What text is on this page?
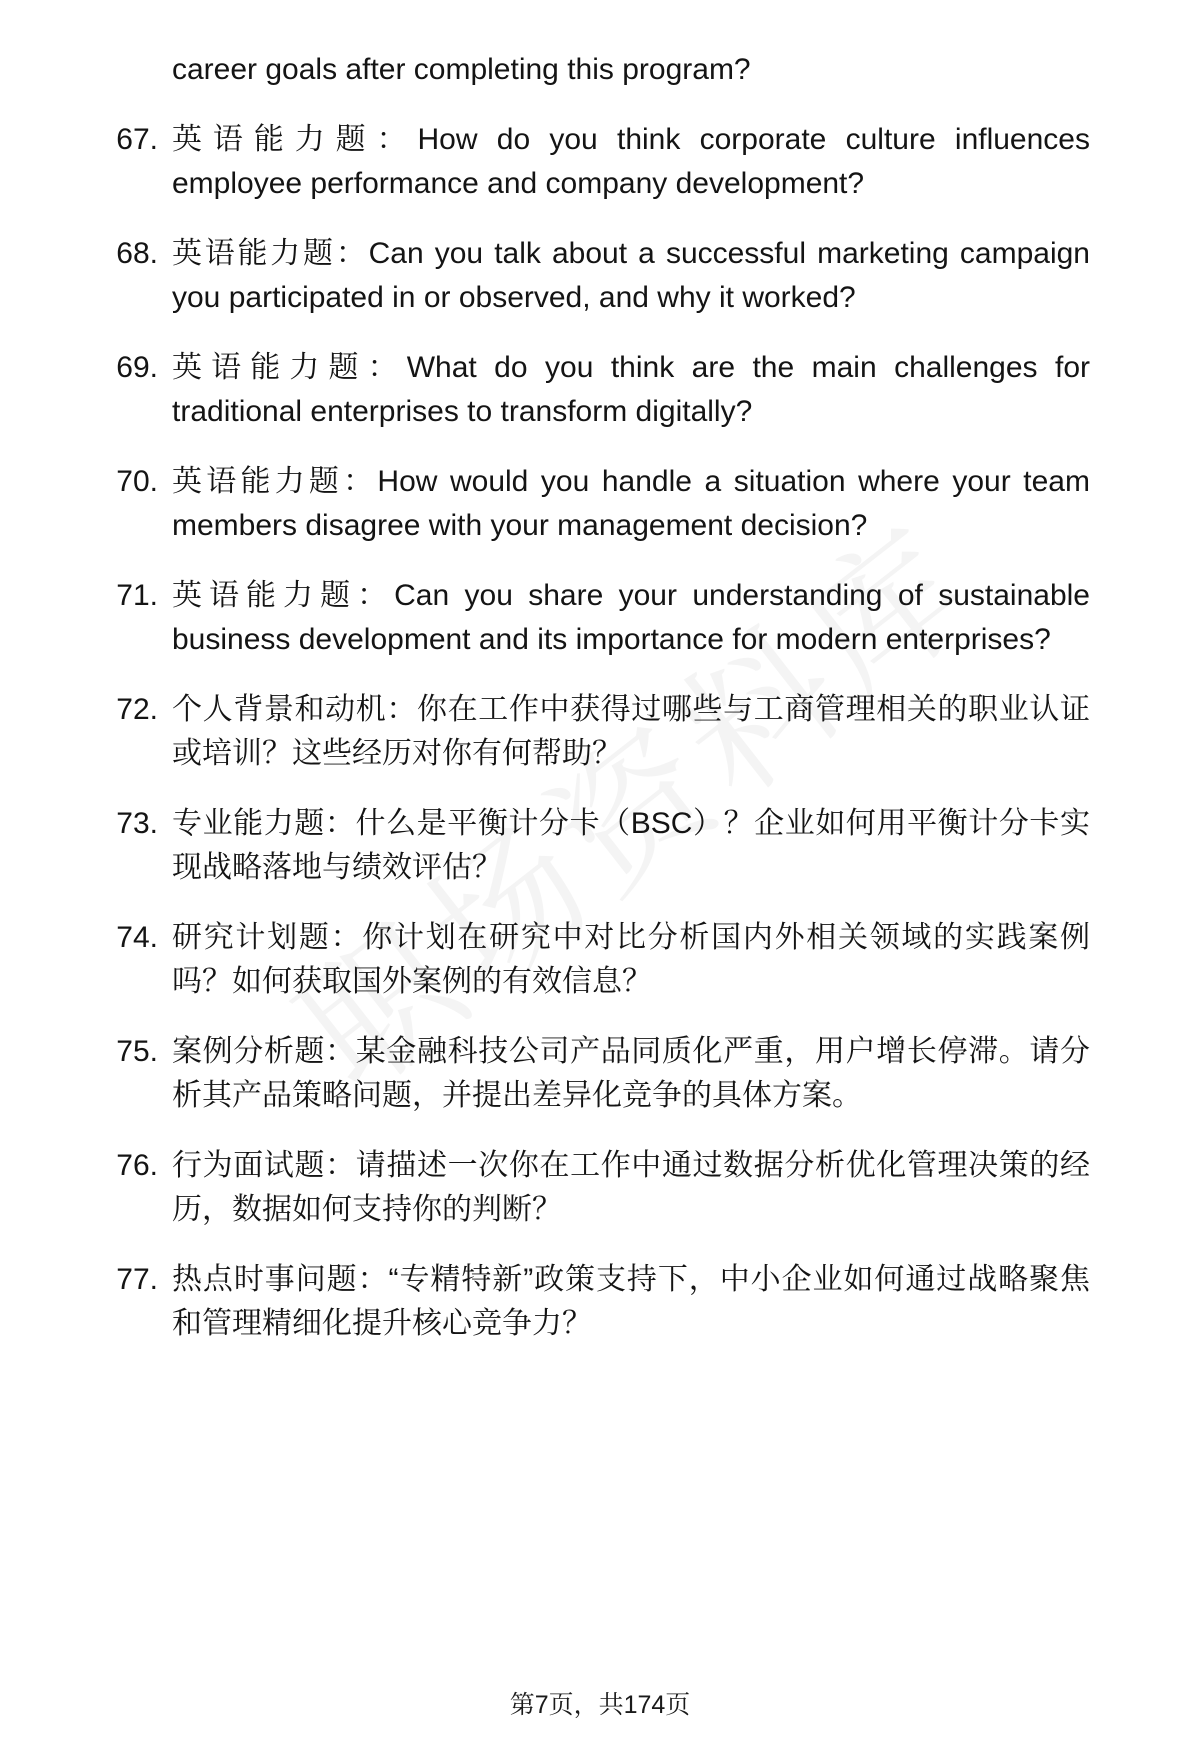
career goals after completing this program?

67. 英语能力题：How do you think corporate culture influences employee performance and company development?
68. 英语能力题：Can you talk about a successful marketing campaign you participated in or observed, and why it worked?
69. 英语能力题：What do you think are the main challenges for traditional enterprises to transform digitally?
70. 英语能力题：How would you handle a situation where your team members disagree with your management decision?
71. 英语能力题：Can you share your understanding of sustainable business development and its importance for modern enterprises?
72. 个人背景和动机：你在工作中获得过哪些与工商管理相关的职业认证或培训？这些经历对你有何帮助？
73. 专业能力题：什么是平衡计分卡（BSC）？企业如何用平衡计分卡实现战略落地与绩效评估？
74. 研究计划题：你计划在研究中对比分析国内外相关领域的实践案例吗？如何获取国外案例的有效信息？
75. 案例分析题：某金融科技公司产品同质化严重，用户增长停滞。请分析其产品策略问题，并提出差异化竞争的具体方案。
76. 行为面试题：请描述一次你在工作中通过数据分析优化管理决策的经历，数据如何支持你的判断？
77. 热点时事问题：“专精特新”政策支持下，中小企业如何通过战略聚焦和管理精细化提升核心竞争力？
第7页，共174页
